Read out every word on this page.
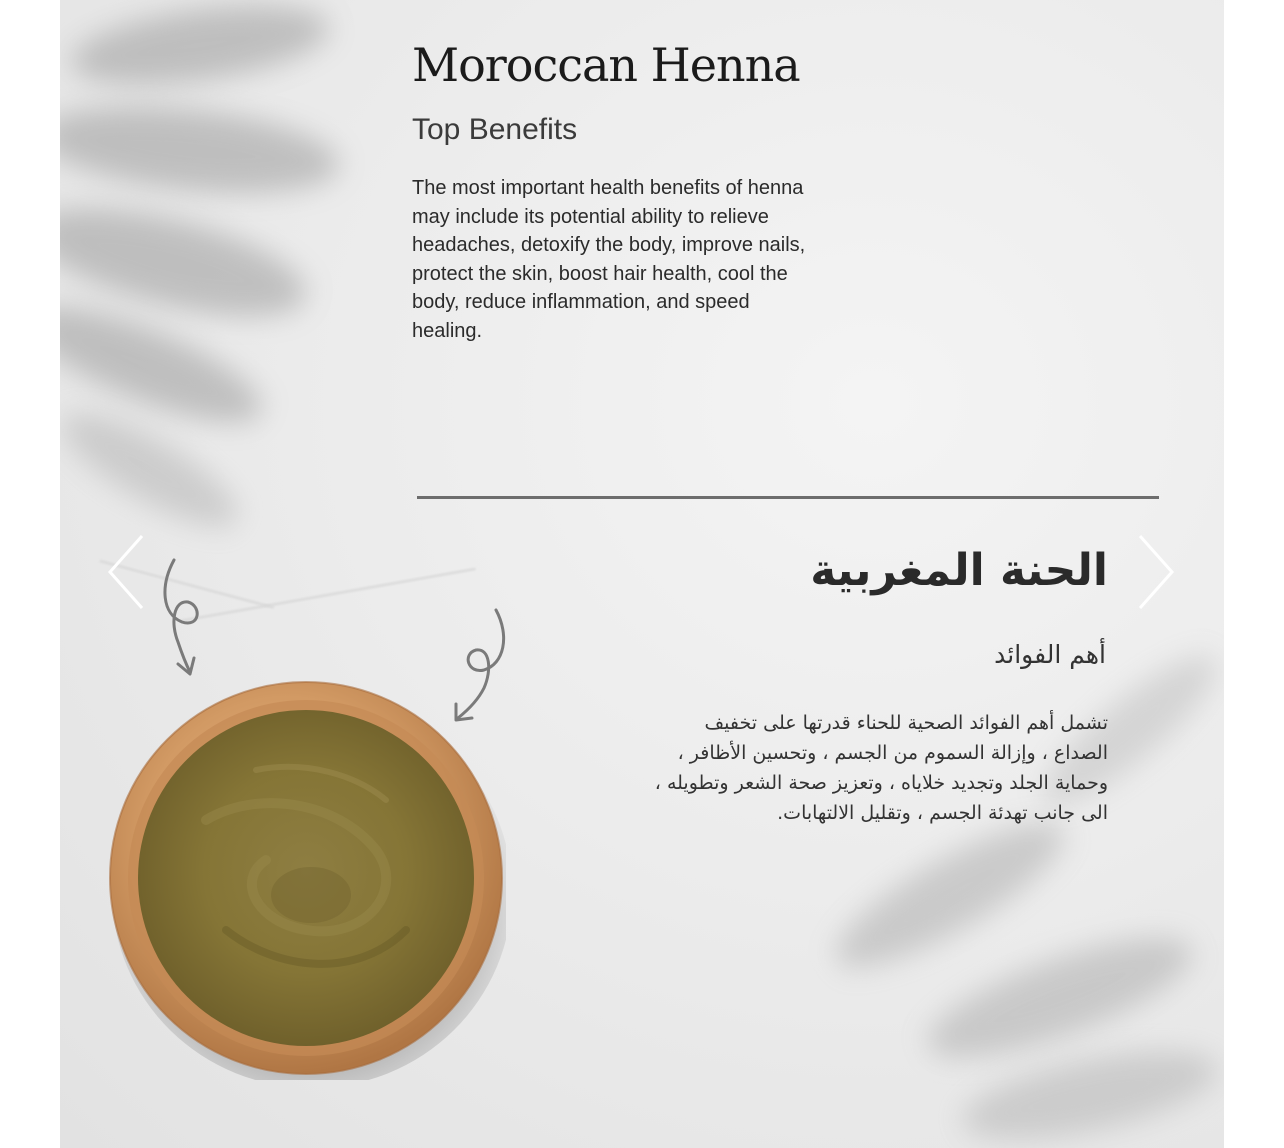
Moroccan Henna
Top Benefits

The most important health benefits of henna
may include its potential ability to relieve
headaches, detoxify the body, improve nails,
protect the skin, boost hair health, cool the
body, reduce inflammation, and speed
healing.

الحنة المغربية
أهم الفوائد

تشمل أهم الفوائد الصحية للحناء قدرتها على تخفيف
الصداع ، وإزالة السموم من الجسم ، وتحسين الأظافر ،
وحماية الجلد وتجديد خلاياه ، وتعزيز صحة الشعر وتطويله ،
الى جانب تهدئة الجسم ، وتقليل الالتهابات.
